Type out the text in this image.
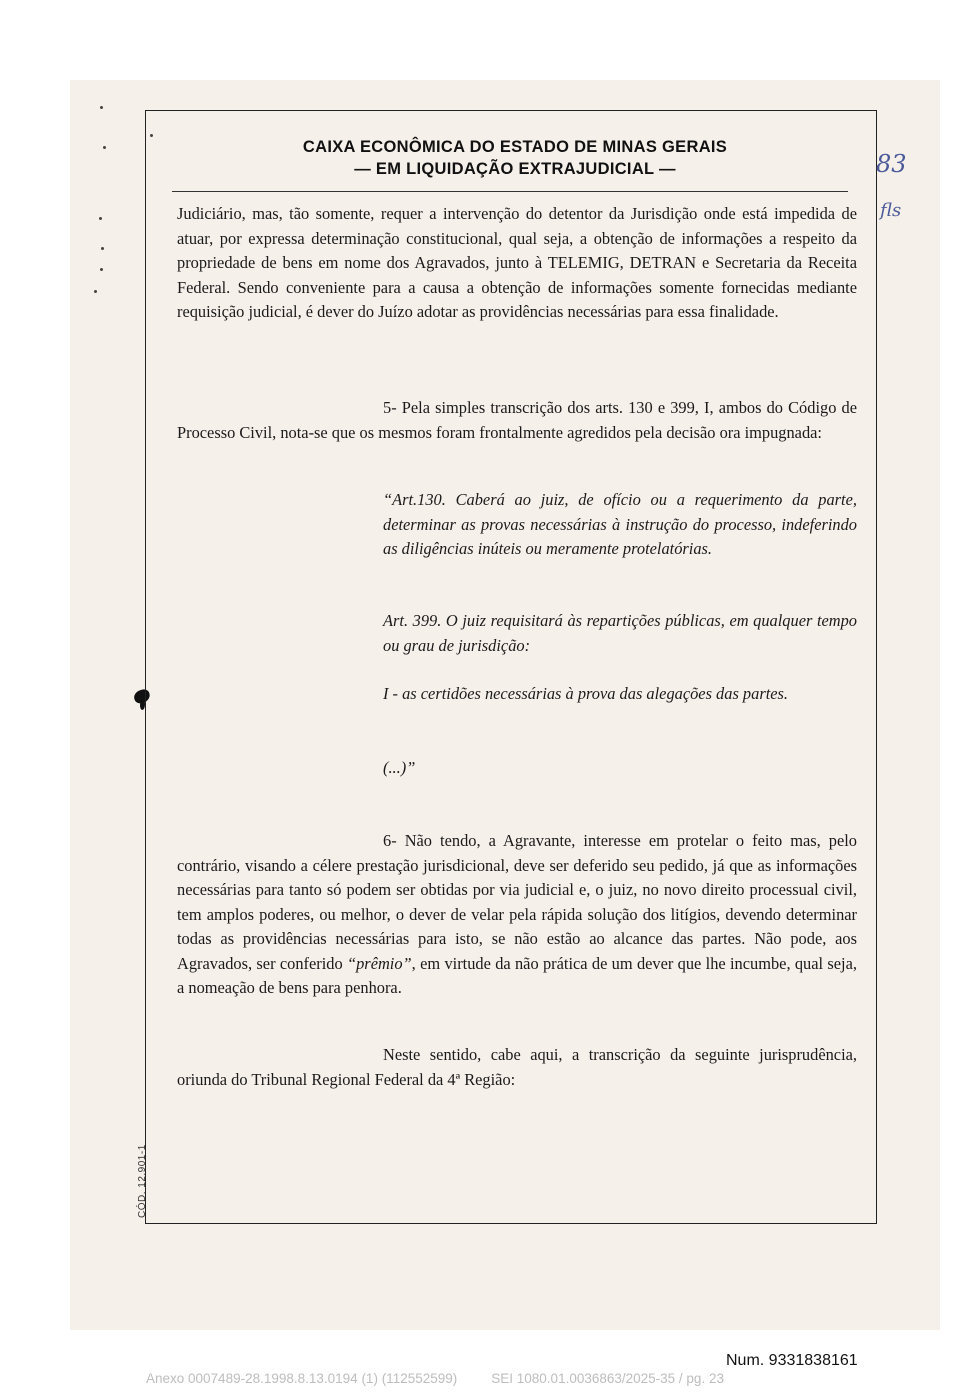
CAIXA ECONÔMICA DO ESTADO DE MINAS GERAIS
— EM LIQUIDAÇÃO EXTRAJUDICIAL —	83
fls
Judiciário, mas, tão somente, requer a intervenção do detentor da Jurisdição onde está impedida de atuar, por expressa determinação constitucional, qual seja, a obtenção de informações a respeito da propriedade de bens em nome dos Agravados, junto à TELEMIG, DETRAN e Secretaria da Receita Federal. Sendo conveniente para a causa a obtenção de informações somente fornecidas mediante requisição judicial, é dever do Juízo adotar as providências necessárias para essa finalidade.
5- Pela simples transcrição dos arts. 130 e 399, I, ambos do Código de Processo Civil, nota-se que os mesmos foram frontalmente agredidos pela decisão ora impugnada:
“Art.130. Caberá ao juiz, de ofício ou a requerimento da parte, determinar as provas necessárias à instrução do processo, indeferindo as diligências inúteis ou meramente protelatórias.
Art. 399. O juiz requisitará às repartições públicas, em qualquer tempo ou grau de jurisdição:
I - as certidões necessárias à prova das alegações das partes.
(...)”
6- Não tendo, a Agravante, interesse em protelar o feito mas, pelo contrário, visando a célere prestação jurisdicional, deve ser deferido seu pedido, já que as informações necessárias para tanto só podem ser obtidas por via judicial e, o juiz, no novo direito processual civil, tem amplos poderes, ou melhor, o dever de velar pela rápida solução dos litígios, devendo determinar todas as providências necessárias para isto, se não estão ao alcance das partes. Não pode, aos Agravados, ser conferido “prêmio”, em virtude da não prática de um dever que lhe incumbe, qual seja, a nomeação de bens para penhora.
Neste sentido, cabe aqui, a transcrição da seguinte jurisprudência, oriunda do Tribunal Regional Federal da 4ª Região:
CÓD. 12.901-1
Num. 9331838161
Anexo 0007489-28.1998.8.13.0194 (1) (112552599)	SEI 1080.01.0036863/2025-35 / pg. 23
